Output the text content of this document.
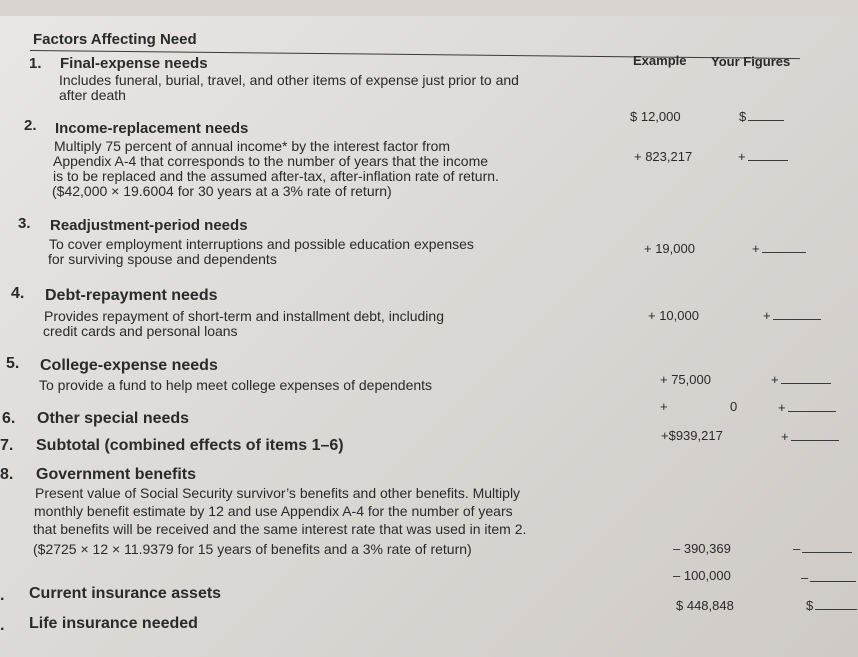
Factors Affecting Need
Example Your Figures
1. Final-expense needs
Includes funeral, burial, travel, and other items of expense just prior to and
after death
$ 12,000	$
2. Income-replacement needs
Multiply 75 percent of annual income* by the interest factor from
Appendix A-4 that corresponds to the number of years that the income
is to be replaced and the assumed after-tax, after-inflation rate of return.
($42,000 × 19.6004 for 30 years at a 3% rate of return)
+ 823,217	+
3. Readjustment-period needs
To cover employment interruptions and possible education expenses
for surviving spouse and dependents
+ 19,000	+
4. Debt-repayment needs
Provides repayment of short-term and installment debt, including
credit cards and personal loans
+ 10,000	+
5. College-expense needs
To provide a fund to help meet college expenses of dependents	+ 75,000	+
6. Other special needs
+	0	+
7. Subtotal (combined effects of items 1–6)
+$939,217	+
8. Government benefits
Present value of Social Security survivor’s benefits and other benefits. Multiply
monthly benefit estimate by 12 and use Appendix A-4 for the number of years
that benefits will be received and the same interest rate that was used in item 2.
($2725 × 12 × 11.9379 for 15 years of benefits and a 3% rate of return)	– 390,369	–
. Current insurance assets
– 100,000	–
. Life insurance needed
$ 448,848	$
